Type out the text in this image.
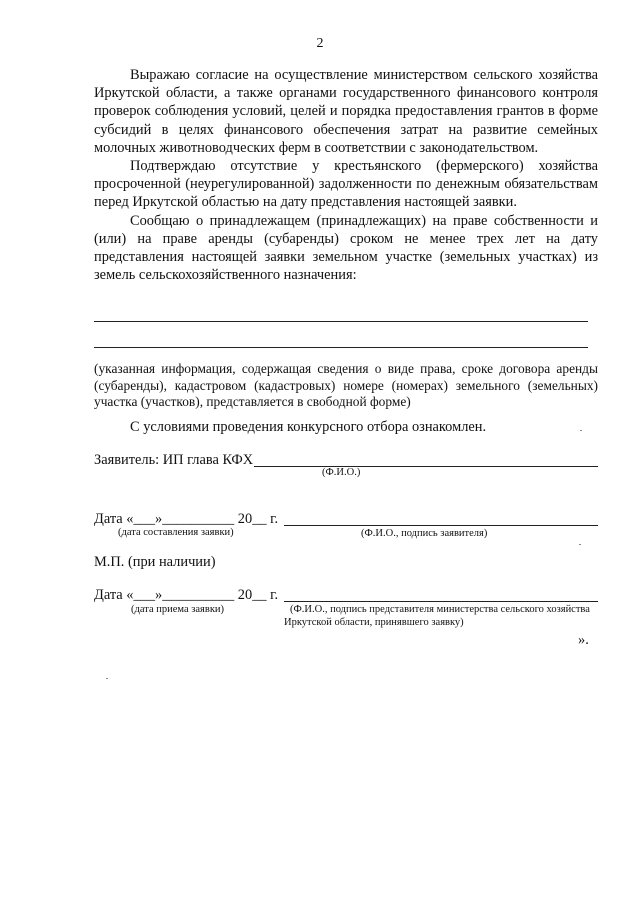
2

Выражаю согласие на осуществление министерством сельского хозяйства Иркутской области, а также органами государственного финансового контроля проверок соблюдения условий, целей и порядка предоставления грантов в форме субсидий в целях финансового обеспечения затрат на развитие семейных молочных животноводческих ферм в соответствии с законодательством.

Подтверждаю отсутствие у крестьянского (фермерского) хозяйства просроченной (неурегулированной) задолженности по денежным обязательствам перед Иркутской областью на дату представления настоящей заявки.

Сообщаю о принадлежащем (принадлежащих) на праве собственности и (или) на праве аренды (субаренды) сроком не менее трех лет на дату представления настоящей заявки земельном участке (земельных участках) из земель сельскохозяйственного назначения:

(указанная информация, содержащая сведения о виде права, сроке договора аренды (субаренды), кадастровом (кадастровых) номере (номерах) земельного (земельных) участка (участков), представляется в свободной форме)
С условиями проведения конкурсного отбора ознакомлен.
Заявитель: ИП глава КФХ
(Ф.И.О.)
Дата «___»__________ 20__ г.
(дата составления заявки)	(Ф.И.О., подпись заявителя)
М.П. (при наличии)
Дата «___»__________ 20__ г.
(дата приема заявки)	(Ф.И.О., подпись представителя министерства сельского хозяйства Иркутской области, принявшего заявку)
».
